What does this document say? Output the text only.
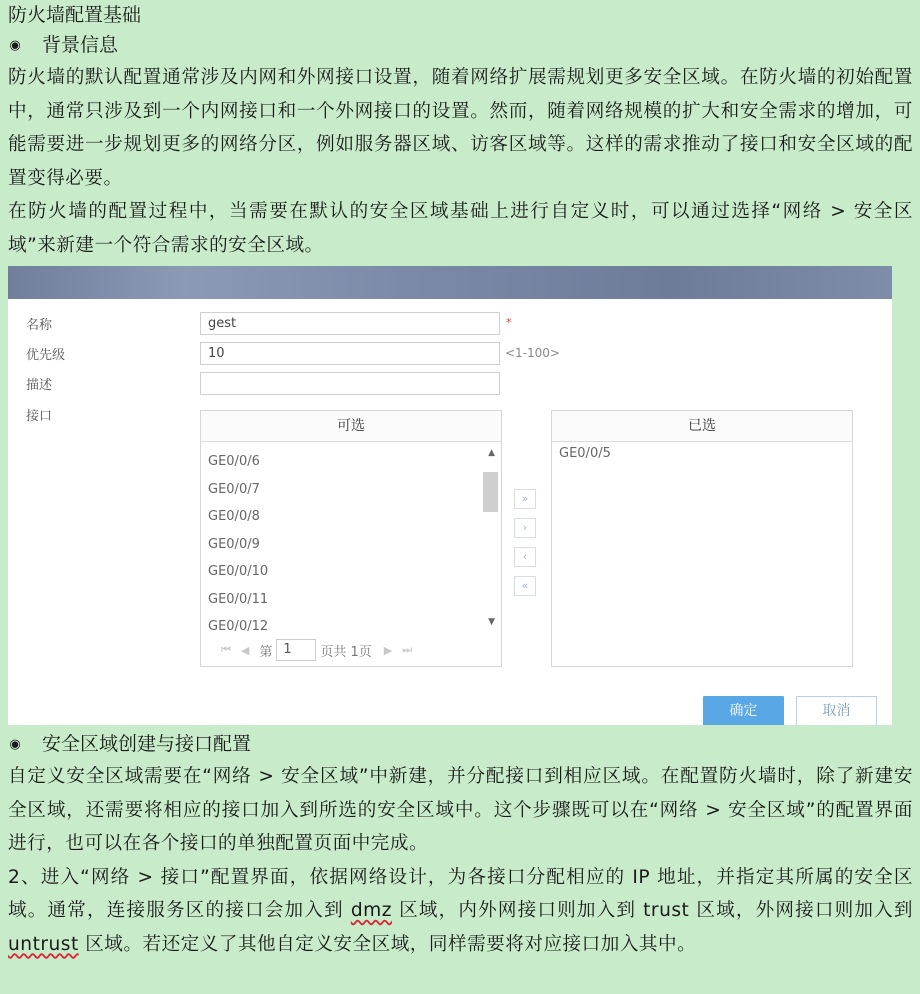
防火墙配置基础
◉ 背景信息

防火墙的默认配置通常涉及内网和外网接口设置，随着网络扩展需规划更多安全区域。在防火墙的初始配置中，通常只涉及到一个内网接口和一个外网接口的设置。然而，随着网络规模的扩大和安全需求的增加，可能需要进一步规划更多的网络分区，例如服务器区域、访客区域等。这样的需求推动了接口和安全区域的配置变得必要。

在防火墙的配置过程中，当需要在默认的安全区域基础上进行自定义时，可以通过选择“网络 > 安全区域”来新建一个符合需求的安全区域。

名称	gest	*
优先级	10	<1-100>
描述
接口
可选
▲
▼
GE0/0/6
GE0/0/7
GE0/0/8
GE0/0/9
GE0/0/10
GE0/0/11
GE0/0/12
⏮ ◀ 第 1	页共 1页 ▶ ⏭
»
›
‹
«
已选
GE0/0/5
确定	取消
◉ 安全区域创建与接口配置

自定义安全区域需要在“网络 > 安全区域”中新建，并分配接口到相应区域。在配置防火墙时，除了新建安全区域，还需要将相应的接口加入到所选的安全区域中。这个步骤既可以在“网络 > 安全区域”的配置界面进行，也可以在各个接口的单独配置页面中完成。

2、进入“网络 > 接口”配置界面，依据网络设计，为各接口分配相应的 IP 地址，并指定其所属的安全区域。通常，连接服务区的接口会加入到 dmz 区域，内外网接口则加入到 trust 区域，外网接口则加入到 untrust 区域。若还定义了其他自定义安全区域，同样需要将对应接口加入其中。
